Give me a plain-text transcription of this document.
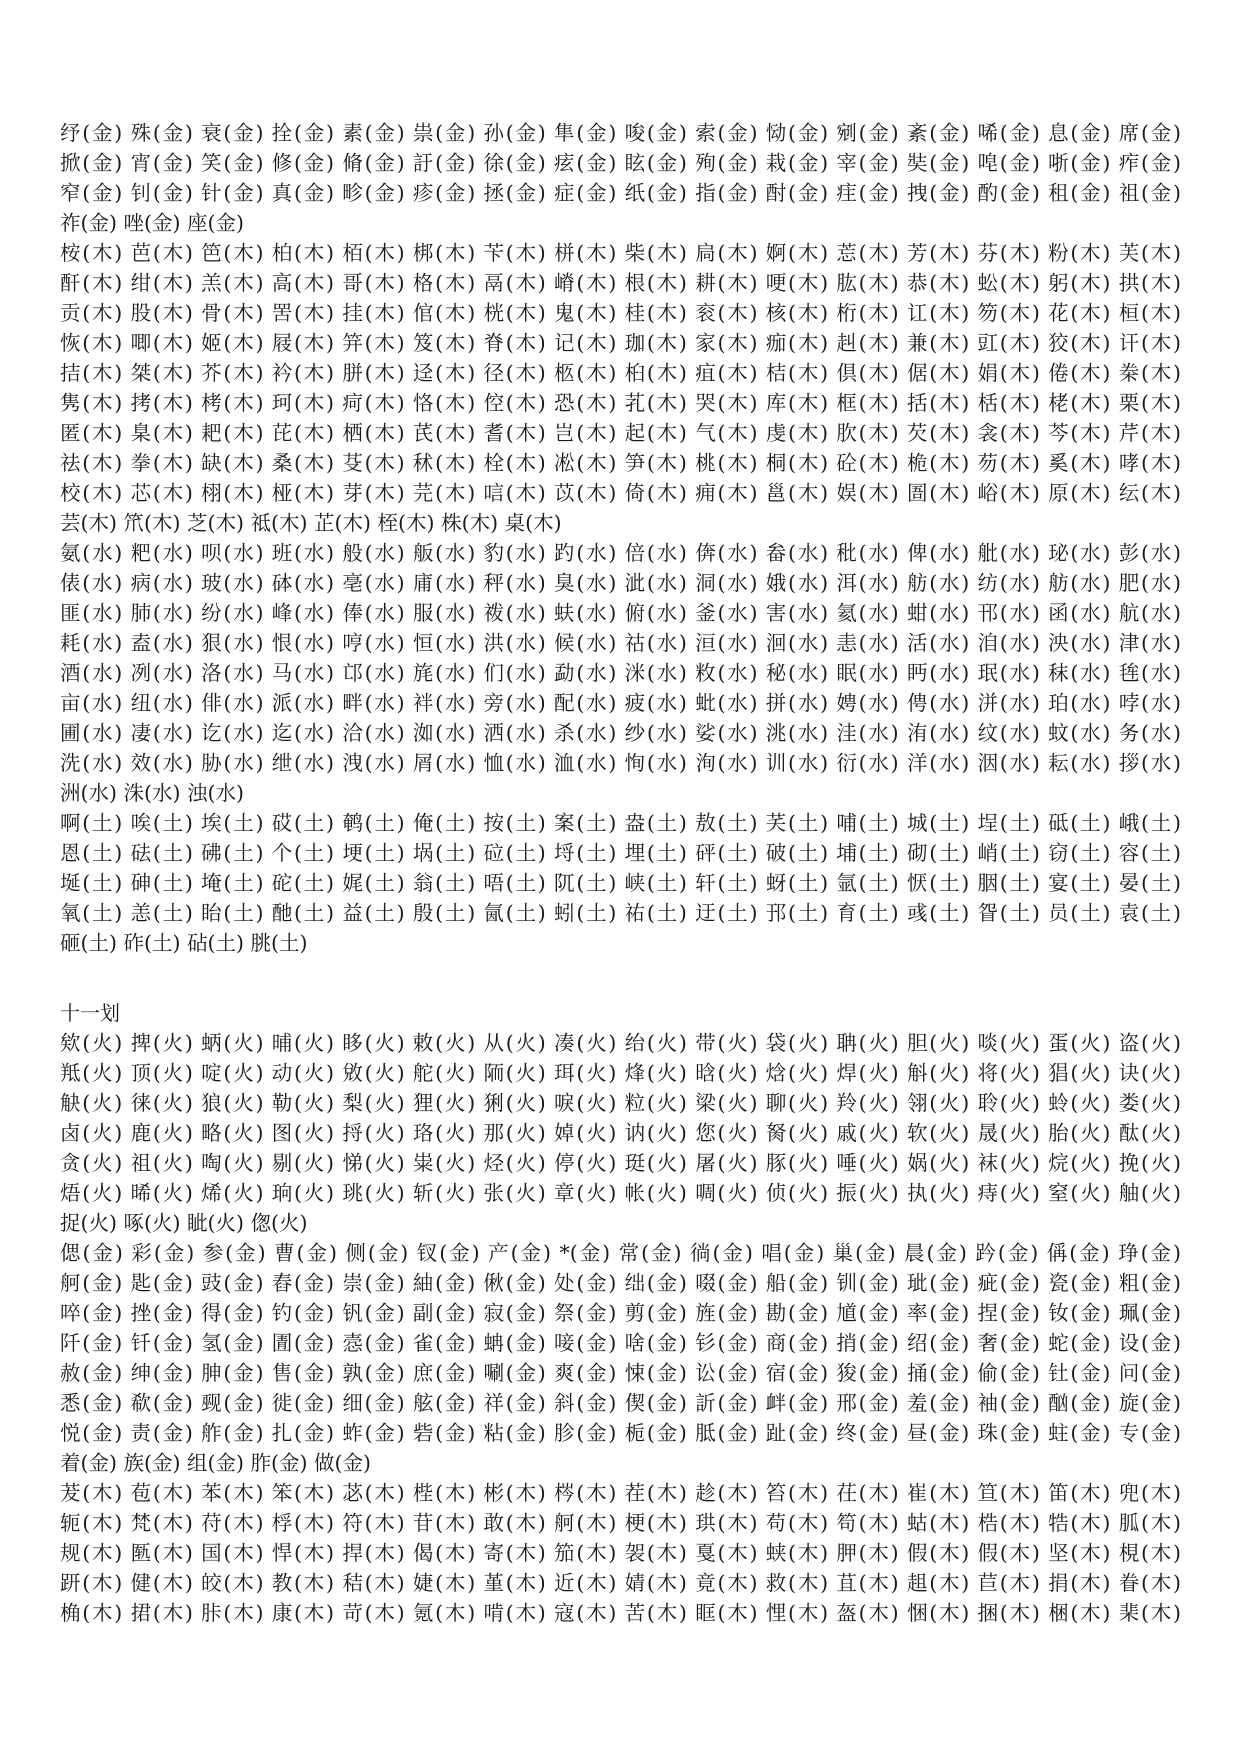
纾(金) 殊(金) 衰(金) 拴(金) 素(金) 祟(金) 孙(金) 隼(金) 唆(金) 索(金) 恸(金) 剜(金) 紊(金) 唏(金) 息(金) 席(金)
掀(金) 宵(金) 笑(金) 修(金) 脩(金) 訏(金) 徐(金) 痃(金) 眩(金) 殉(金) 栽(金) 宰(金) 奘(金) 唣(金) 哳(金) 痄(金)
窄(金) 钊(金) 针(金) 真(金) 畛(金) 疹(金) 拯(金) 症(金) 纸(金) 指(金) 酎(金) 疰(金) 拽(金) 酌(金) 租(金) 祖(金)
祚(金) 唑(金) 座(金)
桉(木) 芭(木) 笆(木) 柏(木) 栢(木) 梆(木) 苄(木) 栟(木) 柴(木) 扃(木) 婀(木) 莣(木) 芳(木) 芬(木) 粉(木) 芙(木)
酐(木) 绀(木) 羔(木) 高(木) 哥(木) 格(木) 鬲(木) 嵴(木) 根(木) 耕(木) 哽(木) 肱(木) 恭(木) 蚣(木) 躬(木) 拱(木)
贡(木) 股(木) 骨(木) 罟(木) 挂(木) 倌(木) 桄(木) 鬼(木) 桂(木) 衮(木) 核(木) 桁(木) 讧(木) 笏(木) 花(木) 桓(木)
恢(木) 唧(木) 姬(木) 屐(木) 笄(木) 笈(木) 脊(木) 记(木) 珈(木) 家(木) 痂(木) 赳(木) 兼(木) 豇(木) 狡(木) 讦(木)
拮(木) 桀(木) 芥(木) 衿(木) 胼(木) 迳(木) 径(木) 柩(木) 桕(木) 疽(木) 桔(木) 倶(木) 倨(木) 娟(木) 倦(木) 桊(木)
隽(木) 拷(木) 栲(木) 珂(木) 疴(木) 恪(木) 倥(木) 恐(木) 芤(木) 哭(木) 库(木) 框(木) 括(木) 栝(木) 栳(木) 栗(木)
匿(木) 臬(木) 耙(木) 芘(木) 栖(木) 芪(木) 耆(木) 岂(木) 起(木) 气(木) 虔(木) 肷(木) 芡(木) 衾(木) 芩(木) 芹(木)
祛(木) 拳(木) 缺(木) 桑(木) 芟(木) 秫(木) 栓(木) 凇(木) 笋(木) 桃(木) 桐(木) 砼(木) 桅(木) 芴(木) 奚(木) 哮(木)
校(木) 芯(木) 栩(木) 桠(木) 芽(木) 芫(木) 唁(木) 苡(木) 倚(木) 痈(木) 邕(木) 娱(木) 圄(木) 峪(木) 原(木) 纭(木)
芸(木) 笊(木) 芝(木) 祗(木) 芷(木) 桎(木) 株(木) 桌(木)
氨(水) 粑(水) 呗(水) 班(水) 般(水) 舨(水) 豹(水) 趵(水) 倍(水) 倴(水) 畚(水) 秕(水) 俾(水) 舭(水) 珌(水) 彭(水)
俵(水) 病(水) 玻(水) 砵(水) 亳(水) 庯(水) 秤(水) 臭(水) 泚(水) 洞(水) 娥(水) 洱(水) 舫(水) 纺(水) 舫(水) 肥(水)
匪(水) 肺(水) 纷(水) 峰(水) 俸(水) 服(水) 袯(水) 蚨(水) 俯(水) 釜(水) 害(水) 氦(水) 蚶(水) 邗(水) 函(水) 航(水)
耗(水) 盍(水) 狠(水) 恨(水) 哼(水) 恒(水) 洪(水) 候(水) 祜(水) 洹(水) 洄(水) 恚(水) 活(水) 洎(水) 泱(水) 津(水)
酒(水) 冽(水) 洛(水) 马(水) 邙(水) 旄(水) 们(水) 勐(水) 洣(水) 敉(水) 秘(水) 眠(水) 眄(水) 珉(水) 秣(水) 毪(水)
亩(水) 纽(水) 俳(水) 派(水) 畔(水) 袢(水) 旁(水) 配(水) 疲(水) 蚍(水) 拼(水) 娉(水) 俜(水) 洴(水) 珀(水) 哱(水)
圃(水) 凄(水) 讫(水) 迄(水) 洽(水) 洳(水) 洒(水) 杀(水) 纱(水) 娑(水) 洮(水) 洼(水) 洧(水) 纹(水) 蚊(水) 务(水)
洗(水) 效(水) 胁(水) 绁(水) 洩(水) 屑(水) 恤(水) 洫(水) 恂(水) 洵(水) 训(水) 衍(水) 洋(水) 洇(水) 耘(水) 拶(水)
洲(水) 洙(水) 浊(水)
啊(土) 唉(土) 埃(土) 砹(土) 鹌(土) 俺(土) 按(土) 案(土) 盎(土) 敖(土) 芺(土) 哺(土) 城(土) 埕(土) 砥(土) 峨(土)
恩(土) 砝(土) 砩(土) 个(土) 埂(土) 埚(土) 砬(土) 埒(土) 埋(土) 砰(土) 破(土) 埔(土) 砌(土) 峭(土) 窃(土) 容(土)
埏(土) 砷(土) 埯(土) 砣(土) 娓(土) 翁(土) 唔(土) 阢(土) 峡(土) 轩(土) 蚜(土) 氩(土) 恹(土) 胭(土) 宴(土) 晏(土)
氧(土) 恙(土) 眙(土) 酏(土) 益(土) 殷(土) 氤(土) 蚓(土) 祐(土) 迂(土) 邘(土) 育(土) 彧(土) 眢(土) 员(土) 袁(土)
砸(土) 砟(土) 砧(土) 朓(土)
十一划
欸(火) 捭(火) 蛃(火) 晡(火) 眵(火) 敕(火) 从(火) 凑(火) 绐(火) 带(火) 袋(火) 聃(火) 胆(火) 啖(火) 蛋(火) 盗(火)
羝(火) 顶(火) 啶(火) 动(火) 敓(火) 舵(火) 陑(火) 珥(火) 烽(火) 晗(火) 焓(火) 焊(火) 斛(火) 将(火) 猖(火) 诀(火)
觖(火) 徕(火) 狼(火) 勒(火) 梨(火) 狸(火) 猁(火) 唳(火) 粒(火) 梁(火) 聊(火) 羚(火) 翎(火) 聆(火) 蛉(火) 娄(火)
卤(火) 鹿(火) 略(火) 图(火) 捋(火) 珞(火) 那(火) 婥(火) 讷(火) 您(火) 胬(火) 戚(火) 软(火) 晟(火) 胎(火) 酞(火)
贪(火) 祖(火) 啕(火) 剔(火) 悌(火) 粜(火) 烃(火) 停(火) 珽(火) 屠(火) 豚(火) 唾(火) 娲(火) 袜(火) 烷(火) 挽(火)
焐(火) 晞(火) 烯(火) 珦(火) 珧(火) 斩(火) 张(火) 章(火) 帐(火) 啁(火) 侦(火) 振(火) 执(火) 痔(火) 窒(火) 舳(火)
捉(火) 啄(火) 眦(火) 偬(火)
偲(金) 彩(金) 参(金) 曹(金) 侧(金) 钗(金) 产(金) *(金) 常(金) 徜(金) 唱(金) 巢(金) 晨(金) 趻(金) 偁(金) 琤(金)
舸(金) 匙(金) 豉(金) 舂(金) 崇(金) 紬(金) 偢(金) 处(金) 绌(金) 啜(金) 船(金) 钏(金) 玼(金) 疵(金) 瓷(金) 粗(金)
啐(金) 挫(金) 得(金) 钓(金) 钒(金) 副(金) 寂(金) 祭(金) 剪(金) 旌(金) 勘(金) 馗(金) 率(金) 捏(金) 钕(金) 珮(金)
阡(金) 钎(金) 氢(金) 圊(金) 悫(金) 雀(金) 蚺(金) 唼(金) 啥(金) 钐(金) 商(金) 捎(金) 绍(金) 奢(金) 蛇(金) 设(金)
赦(金) 绅(金) 胂(金) 售(金) 孰(金) 庶(金) 唰(金) 爽(金) 悚(金) 讼(金) 宿(金) 狻(金) 捅(金) 偷(金) 钍(金) 问(金)
悉(金) 欷(金) 觋(金) 徙(金) 细(金) 舷(金) 祥(金) 斜(金) 偰(金) 訢(金) 衅(金) 邢(金) 羞(金) 袖(金) 酗(金) 旋(金)
悦(金) 责(金) 舴(金) 扎(金) 蚱(金) 砦(金) 粘(金) 胗(金) 栀(金) 胝(金) 趾(金) 终(金) 昼(金) 珠(金) 蛀(金) 专(金)
着(金) 族(金) 组(金) 胙(金) 做(金)
茇(木) 苞(木) 苯(木) 笨(木) 苾(木) 梐(木) 彬(木) 梣(木) 茬(木) 趁(木) 笞(木) 茌(木) 崔(木) 笪(木) 笛(木) 兜(木)
轭(木) 梵(木) 苻(木) 桴(木) 符(木) 苷(木) 敢(木) 舸(木) 梗(木) 珙(木) 苟(木) 笱(木) 蛄(木) 梏(木) 牿(木) 胍(木)
规(木) 匦(木) 国(木) 悍(木) 捍(木) 偈(木) 寄(木) 笳(木) 袈(木) 戛(木) 蛱(木) 胛(木) 假(木) 假(木) 坚(木) 梘(木)
趼(木) 健(木) 皎(木) 教(木) 秸(木) 婕(木) 堇(木) 近(木) 婧(木) 竟(木) 救(木) 苴(木) 趄(木) 苣(木) 捐(木) 眷(木)
桷(木) 捃(木) 胩(木) 康(木) 苛(木) 氪(木) 啃(木) 寇(木) 苦(木) 眶(木) 悝(木) 盔(木) 悃(木) 捆(木) 梱(木) 棐(木)
